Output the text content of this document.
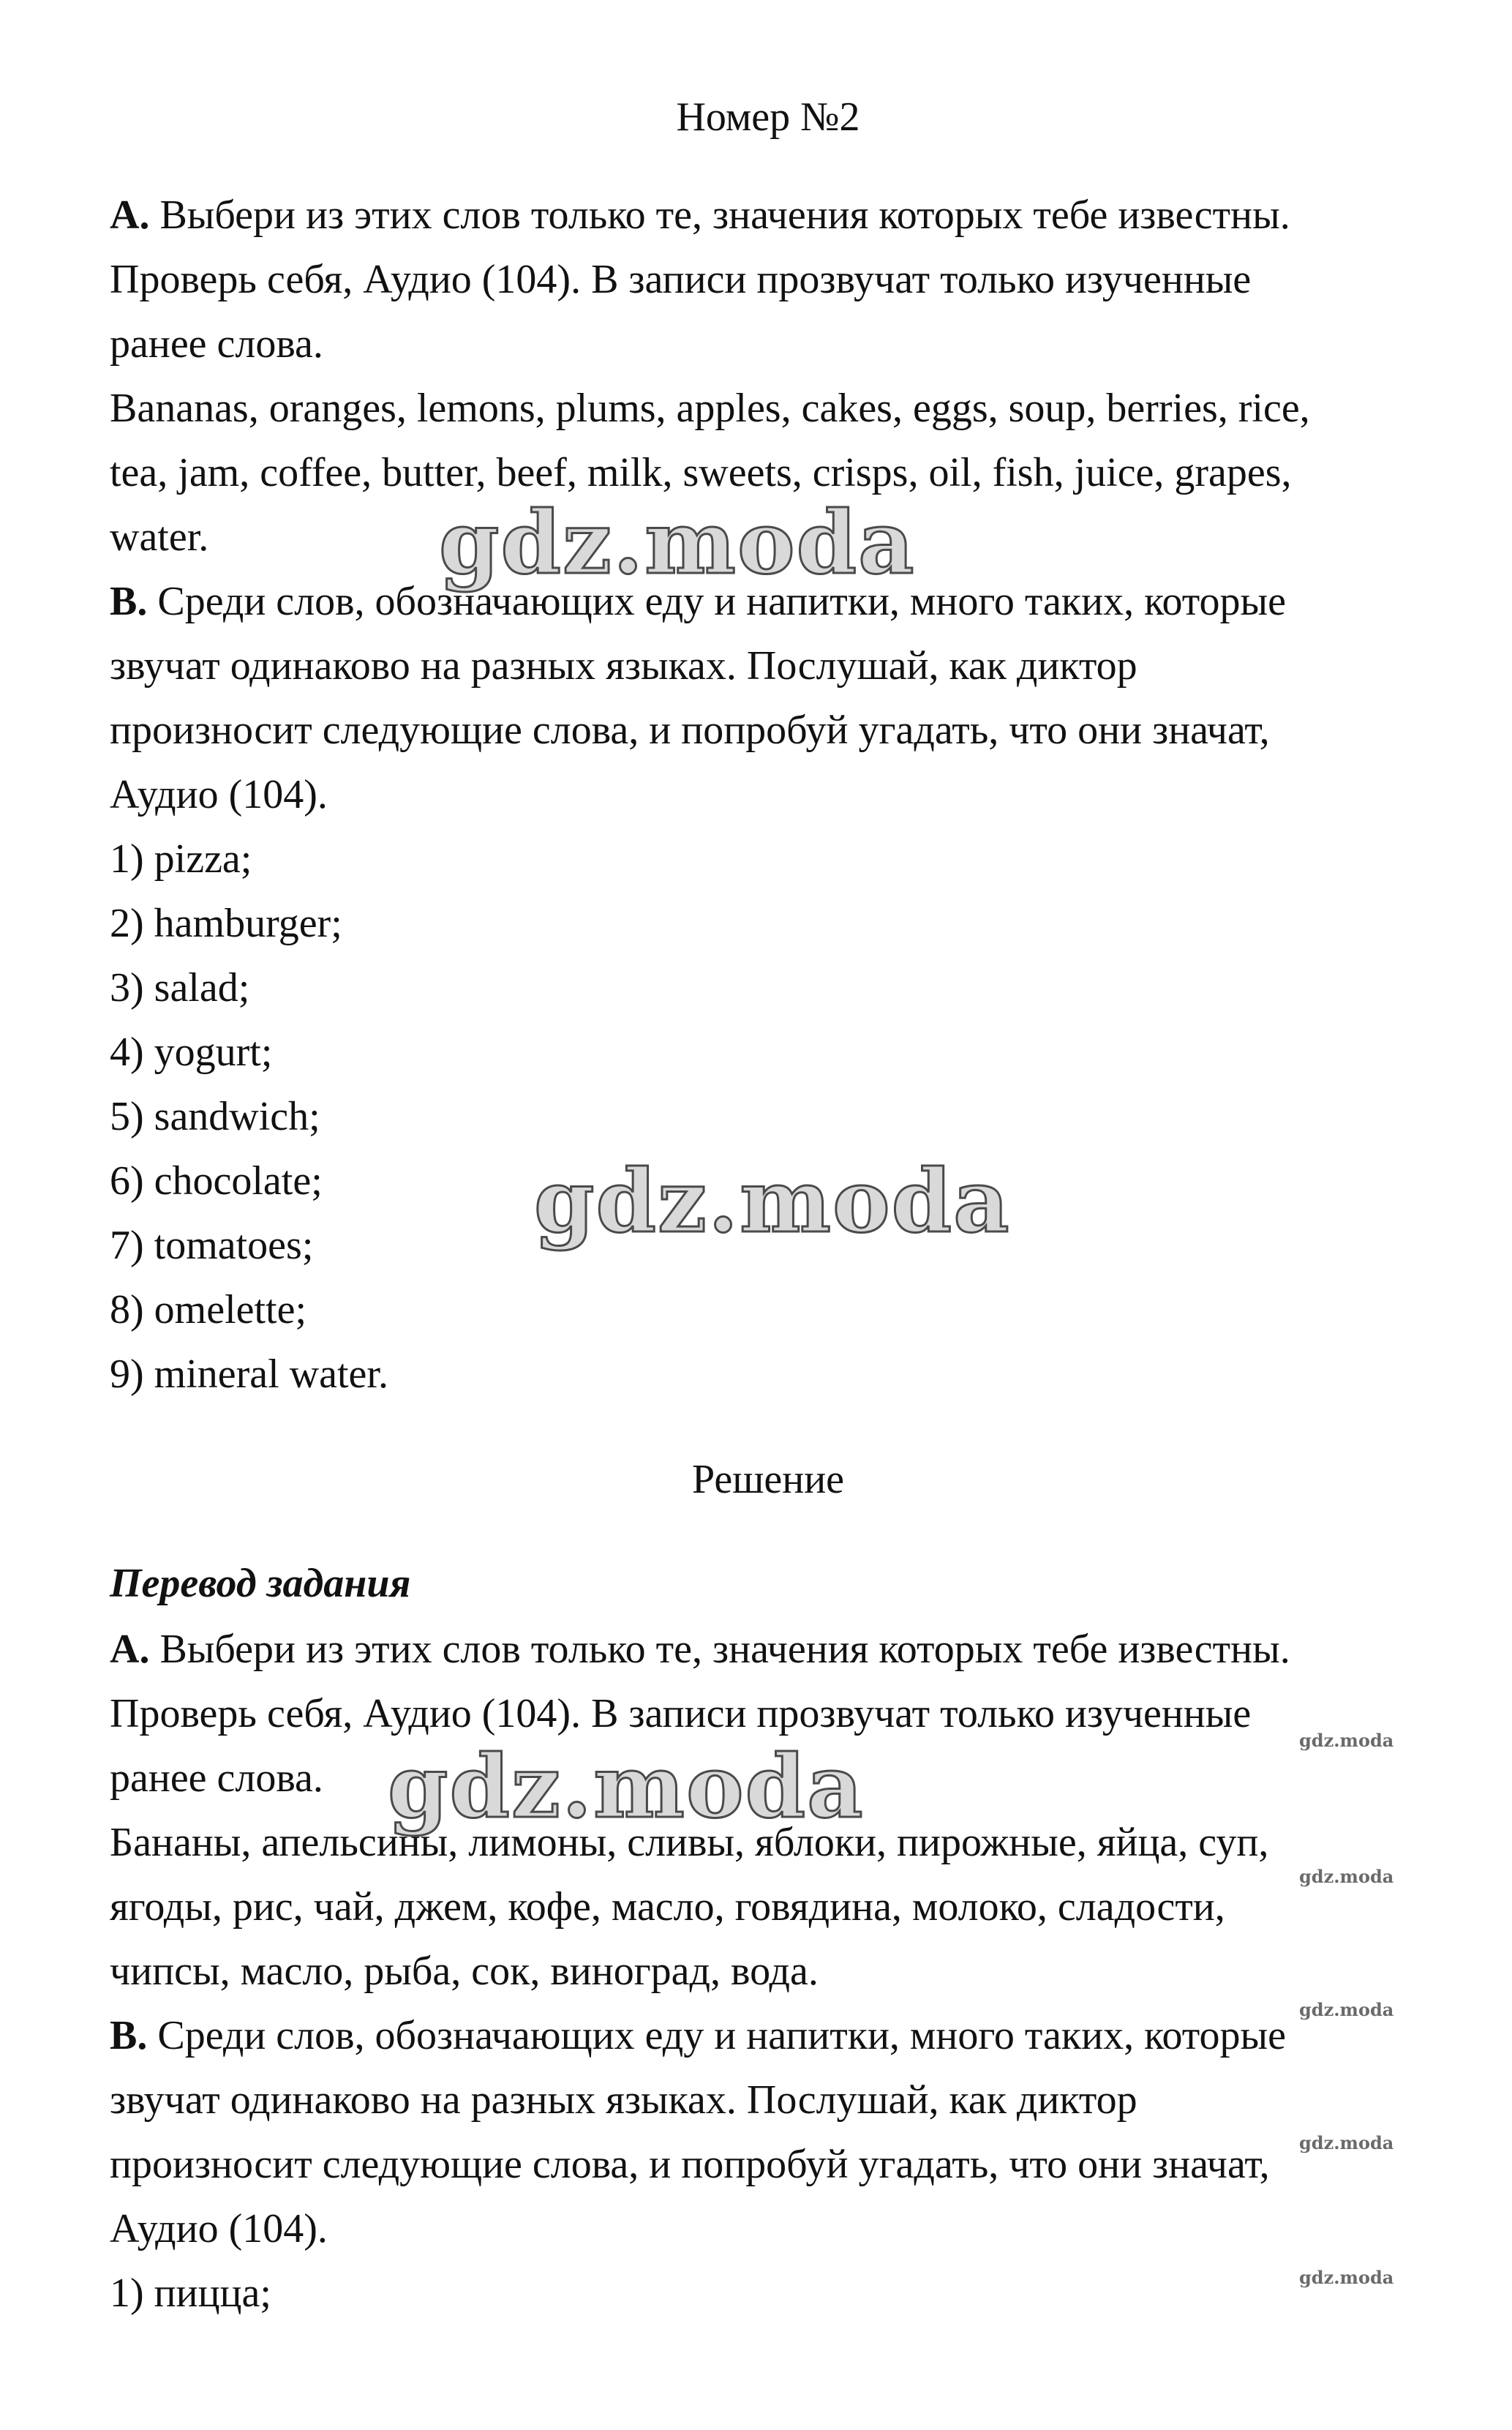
Номер №2
А. Выбери из этих слов только те, значения которых тебе известны.
Проверь себя, Аудио (104). В записи прозвучат только изученные
ранее слова.
Bananas, oranges, lemons, plums, apples, cakes, eggs, soup, berries, rice,
tea, jam, coffee, butter, beef, milk, sweets, crisps, oil, fish, juice, grapes,
water.
В. Среди слов, обозначающих еду и напитки, много таких, которые
звучат одинаково на разных языках. Послушай, как диктор
произносит следующие слова, и попробуй угадать, что они значат,
Аудио (104).
1) pizza;
2) hamburger;
3) salad;
4) yogurt;
5) sandwich;
6) chocolate;
7) tomatoes;
8) omelette;
9) mineral water.
Решение
Перевод задания
А. Выбери из этих слов только те, значения которых тебе известны.
Проверь себя, Аудио (104). В записи прозвучат только изученные
ранее слова.
Бананы, апельсины, лимоны, сливы, яблоки, пирожные, яйца, суп,
ягоды, рис, чай, джем, кофе, масло, говядина, молоко, сладости,
чипсы, масло, рыба, сок, виноград, вода.
В. Среди слов, обозначающих еду и напитки, много таких, которые
звучат одинаково на разных языках. Послушай, как диктор
произносит следующие слова, и попробуй угадать, что они значат,
Аудио (104).
1) пицца;
gdz.moda
gdz.moda
gdz.moda	gdz.moda
gdz.moda
gdz.moda
gdz.moda
gdz.moda
